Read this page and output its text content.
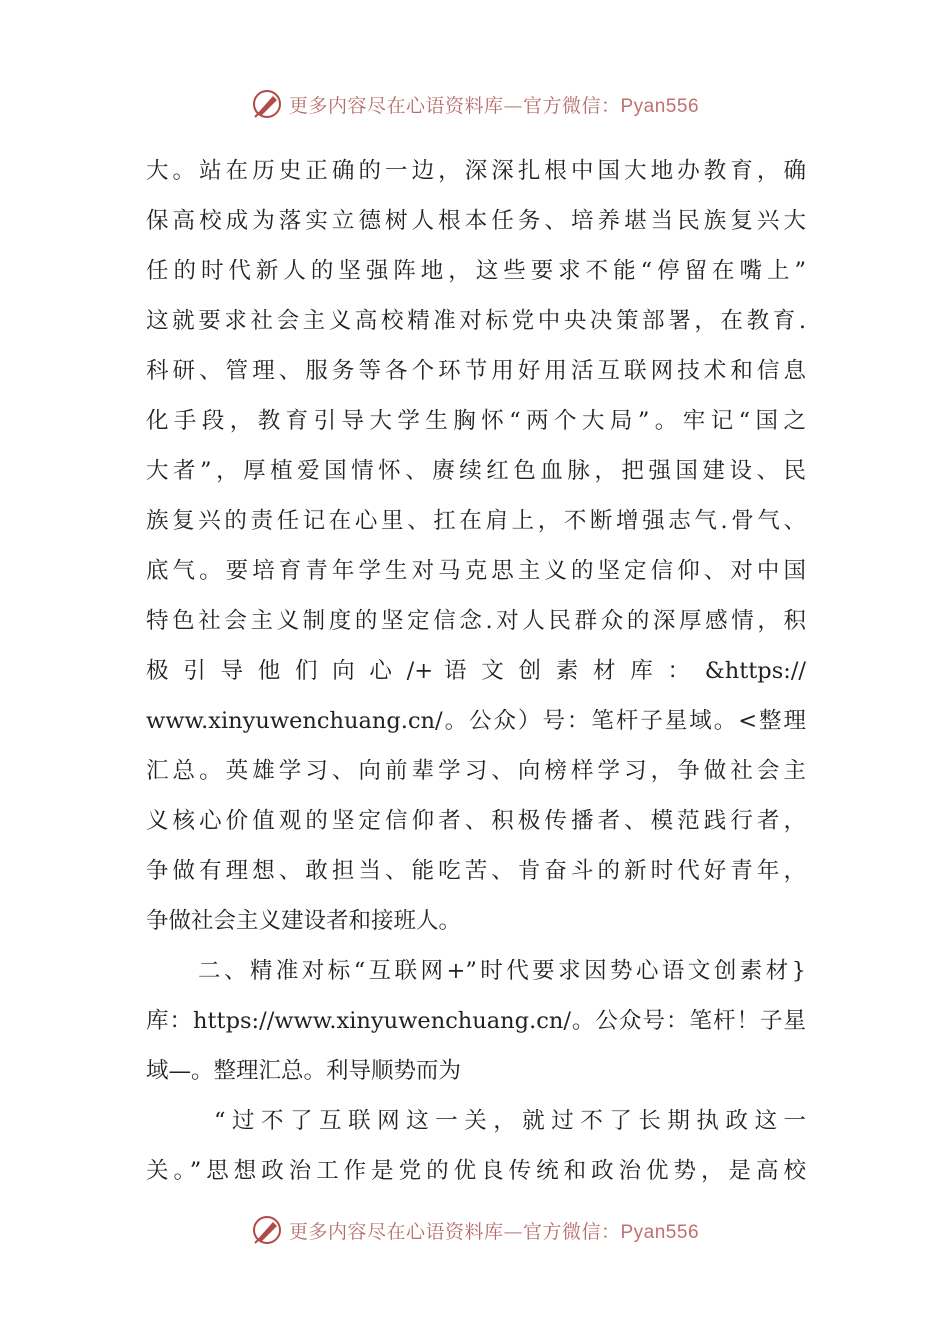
更多内容尽在心语资料库—官方微信：Pyan556
大。站在历史正确的一边，深深扎根中国大地办教育，确
保高校成为落实立德树人根本任务、培养堪当民族复兴大
任的时代新人的坚强阵地，这些要求不能“停留在嘴上”
这就要求社会主义高校精准对标党中央决策部署，在教育.
科研、管理、服务等各个环节用好用活互联网技术和信息
化手段，教育引导大学生胸怀“两个大局”。牢记“国之
大者”，厚植爱国情怀、赓续红色血脉，把强国建设、民
族复兴的责任记在心里、扛在肩上，不断增强志气.骨气、
底气。要培育青年学生对马克思主义的坚定信仰、对中国
特色社会主义制度的坚定信念.对人民群众的深厚感情，积
极 引 导 他 们 向 心 /+ 语 文 创 素 材 库 ： &https://
www.xinyuwenchuang.cn/。公众）号：笔杆子星域。<整理
汇总。英雄学习、向前辈学习、向榜样学习，争做社会主
义核心价值观的坚定信仰者、积极传播者、模范践行者，
争做有理想、敢担当、能吃苦、肯奋斗的新时代好青年，
争做社会主义建设者和接班人。
二、精准对标“互联网+”时代要求因势心语文创素材}
库：https://www.xinyuwenchuang.cn/。公众号：笔杆！子星
域—。整理汇总。利导顺势而为
“过不了互联网这一关，就过不了长期执政这一
关。”思想政治工作是党的优良传统和政治优势，是高校
更多内容尽在心语资料库—官方微信：Pyan556
